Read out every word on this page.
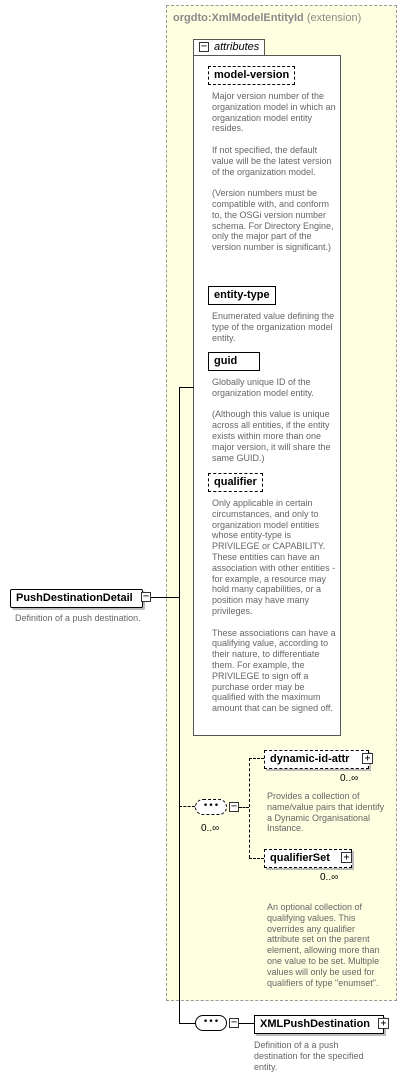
orgdto:XmlModelEntityId (extension)
− attributes
model-version
Major version number of the organization model in which an organization model entity resides.

If not specified, the default value will be the latest version of the organization model.

(Version numbers must be compatible with, and conform to, the OSGi version number schema. For Directory Engine, only the major part of the version number is significant.)
entity-type
Enumerated value defining the type of the organization model entity.
guid
Globally unique ID of the organization model entity.

(Although this value is unique across all entities, if the entity exists within more than one major version, it will share the same GUID.)
qualifier
Only applicable in certain circumstances, and only to organization model entities whose entity-type is PRIVILEGE or CAPABILITY. These entities can have an association with other entities - for example, a resource may hold many capabilities, or a position may have many privileges.

These associations can have a qualifying value, according to their nature, to differentiate them. For example, the PRIVILEGE to sign off a purchase order may be qualified with the maximum amount that can be signed off.
PushDestinationDetail	−
Definition of a push destination.
•••	−
0..∞
dynamic-id-attr	+
0..∞
Provides a collection of name/value pairs that identify a Dynamic Organisational Instance.
qualifierSet	+
0..∞
An optional collection of qualifying values. This overrides any qualifier attribute set on the parent element, allowing more than one value to be set. Multiple values will only be used for qualifiers of type "enumset".
•••	−	XMLPushDestination	+
Definition of a a push destination for the specified entity.
